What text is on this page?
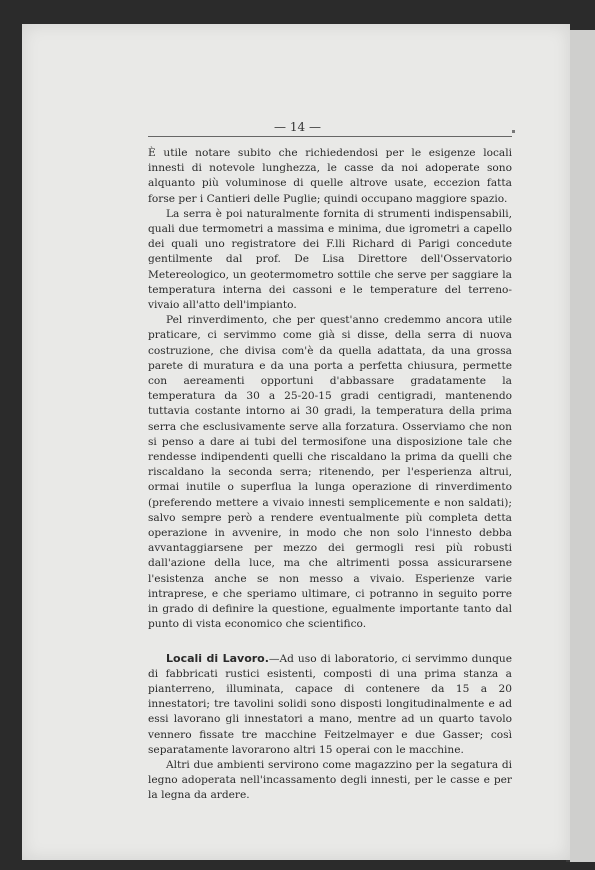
— 14 —

È utile notare subito che richiedendosi per le esigenze locali innesti di notevole lunghezza, le casse da noi adoperate sono alquanto più voluminose di quelle altrove usate, eccezion fatta forse per i Cantieri delle Puglie; quindi occupano maggiore spazio.

La serra è poi naturalmente fornita di strumenti indispensabili, quali due termometri a massima e minima, due igrometri a capello dei quali uno registratore dei F.lli Richard di Parigi concedute gentilmente dal prof. De Lisa Direttore dell'Osservatorio Metereologico, un geotermometro sottile che serve per saggiare la temperatura interna dei cassoni e le temperature del terreno-vivaio all'atto dell'impianto.

Pel rinverdimento, che per quest'anno credemmo ancora utile praticare, ci servimmo come già si disse, della serra di nuova costruzione, che divisa com'è da quella adattata, da una grossa parete di muratura e da una porta a perfetta chiusura, permette con aereamenti opportuni d'abbassare gradatamente la temperatura da 30 a 25-20-15 gradi centigradi, mantenendo tuttavia costante intorno ai 30 gradi, la temperatura della prima serra che esclusivamente serve alla forzatura. Osserviamo che non si penso a dare ai tubi del termosifone una disposizione tale che rendesse indipendenti quelli che riscaldano la prima da quelli che riscaldano la seconda serra; ritenendo, per l'esperienza altrui, ormai inutile o superflua la lunga operazione di rinverdimento (preferendo mettere a vivaio innesti semplicemente e non saldati); salvo sempre però a rendere eventualmente più completa detta operazione in avvenire, in modo che non solo l'innesto debba avvantaggiarsene per mezzo dei germogli resi più robusti dall'azione della luce, ma che altrimenti possa assicurarsene l'esistenza anche se non messo a vivaio. Esperienze varie intraprese, e che speriamo ultimare, ci potranno in seguito porre in grado di definire la questione, egualmente importante tanto dal punto di vista economico che scientifico.

Locali di Lavoro.—Ad uso di laboratorio, ci servimmo dunque di fabbricati rustici esistenti, composti di una prima stanza a pianterreno, illuminata, capace di contenere da 15 a 20 innestatori; tre tavolini solidi sono disposti longitudinalmente e ad essi lavorano gli innestatori a mano, mentre ad un quarto tavolo vennero fissate tre macchine Feitzelmayer e due Gasser; così separatamente lavorarono altri 15 operai con le macchine.

Altri due ambienti servirono come magazzino per la segatura di legno adoperata nell'incassamento degli innesti, per le casse e per la legna da ardere.
